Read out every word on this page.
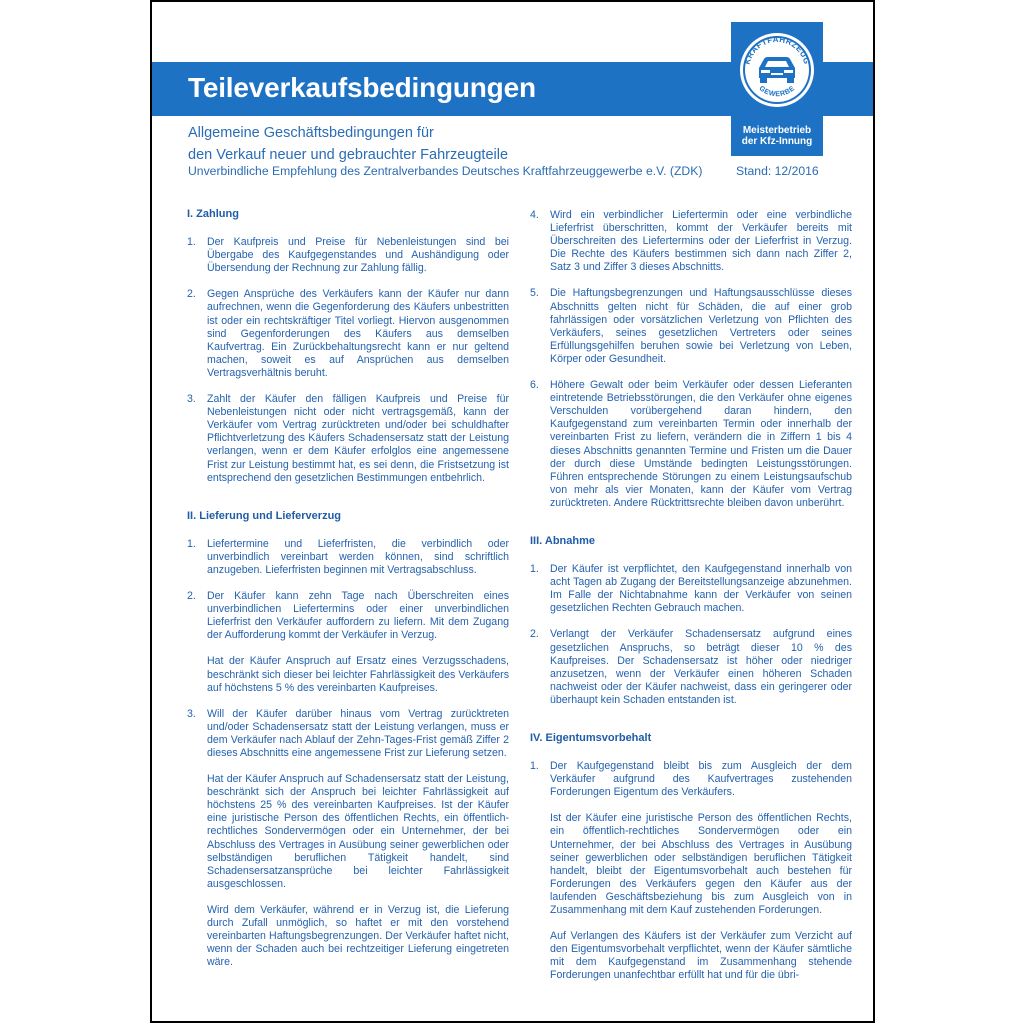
Teileverkaufsbedingungen
KRAFTFAHRZEUG
GEWERBE
Meisterbetrieb
der Kfz-Innung
Allgemeine Geschäftsbedingungen für
den Verkauf neuer und gebrauchter Fahrzeugteile
Unverbindliche Empfehlung des Zentralverbandes Deutsches Kraftfahrzeuggewerbe e.V. (ZDK)	Stand: 12/2016
I. Zahlung
1. Der Kaufpreis und Preise für Nebenleistungen sind bei Übergabe des Kaufgegenstandes und Aushändigung oder Übersendung der Rechnung zur Zahlung fällig.
2. Gegen Ansprüche des Verkäufers kann der Käufer nur dann aufrechnen, wenn die Gegenforderung des Käufers unbestritten ist oder ein rechtskräftiger Titel vorliegt. Hiervon ausgenommen sind Gegenforderungen des Käufers aus demselben Kaufvertrag. Ein Zurückbehaltungsrecht kann er nur geltend machen, soweit es auf Ansprüchen aus demselben Vertragsverhältnis beruht.
3. Zahlt der Käufer den fälligen Kaufpreis und Preise für Nebenleistungen nicht oder nicht vertragsgemäß, kann der Verkäufer vom Vertrag zurücktreten und/oder bei schuldhafter Pflichtverletzung des Käufers Schadensersatz statt der Leistung verlangen, wenn er dem Käufer erfolglos eine angemessene Frist zur Leistung bestimmt hat, es sei denn, die Fristsetzung ist entsprechend den gesetzlichen Bestimmungen entbehrlich.
II. Lieferung und Lieferverzug
1. Liefertermine und Lieferfristen, die verbindlich oder unverbindlich vereinbart werden können, sind schriftlich anzugeben. Lieferfristen beginnen mit Vertragsabschluss.
2. Der Käufer kann zehn Tage nach Überschreiten eines unverbindlichen Liefertermins oder einer unverbindlichen Lieferfrist den Verkäufer auffordern zu liefern. Mit dem Zugang der Aufforderung kommt der Verkäufer in Verzug.
Hat der Käufer Anspruch auf Ersatz eines Verzugsschadens, beschränkt sich dieser bei leichter Fahrlässigkeit des Verkäufers auf höchstens 5 % des vereinbarten Kaufpreises.
3. Will der Käufer darüber hinaus vom Vertrag zurücktreten und/oder Schadensersatz statt der Leistung verlangen, muss er dem Verkäufer nach Ablauf der Zehn-Tages-Frist gemäß Ziffer 2 dieses Abschnitts eine angemessene Frist zur Lieferung setzen.
Hat der Käufer Anspruch auf Schadensersatz statt der Leistung, beschränkt sich der Anspruch bei leichter Fahrlässigkeit auf höchstens 25 % des vereinbarten Kaufpreises. Ist der Käufer eine juristische Person des öffentlichen Rechts, ein öffentlich-rechtliches Sondervermögen oder ein Unternehmer, der bei Abschluss des Vertrages in Ausübung seiner gewerblichen oder selbständigen beruflichen Tätigkeit handelt, sind Schadensersatzansprüche bei leichter Fahrlässigkeit ausgeschlossen.
Wird dem Verkäufer, während er in Verzug ist, die Lieferung durch Zufall unmöglich, so haftet er mit den vorstehend vereinbarten Haftungsbegrenzungen. Der Verkäufer haftet nicht, wenn der Schaden auch bei rechtzeitiger Lieferung eingetreten wäre.
4. Wird ein verbindlicher Liefertermin oder eine verbindliche Lieferfrist überschritten, kommt der Verkäufer bereits mit Überschreiten des Liefertermins oder der Lieferfrist in Verzug. Die Rechte des Käufers bestimmen sich dann nach Ziffer 2, Satz 3 und Ziffer 3 dieses Abschnitts.
5. Die Haftungsbegrenzungen und Haftungsausschlüsse dieses Abschnitts gelten nicht für Schäden, die auf einer grob fahrlässigen oder vorsätzlichen Verletzung von Pflichten des Verkäufers, seines gesetzlichen Vertreters oder seines Erfüllungsgehilfen beruhen sowie bei Verletzung von Leben, Körper oder Gesundheit.
6. Höhere Gewalt oder beim Verkäufer oder dessen Lieferanten eintretende Betriebsstörungen, die den Verkäufer ohne eigenes Verschulden vorübergehend daran hindern, den Kaufgegenstand zum vereinbarten Termin oder innerhalb der vereinbarten Frist zu liefern, verändern die in Ziffern 1 bis 4 dieses Abschnitts genannten Termine und Fristen um die Dauer der durch diese Umstände bedingten Leistungsstörungen. Führen entsprechende Störungen zu einem Leistungsaufschub von mehr als vier Monaten, kann der Käufer vom Vertrag zurücktreten. Andere Rücktrittsrechte bleiben davon unberührt.
III. Abnahme
1. Der Käufer ist verpflichtet, den Kaufgegenstand innerhalb von acht Tagen ab Zugang der Bereitstellungsanzeige abzunehmen. Im Falle der Nichtabnahme kann der Verkäufer von seinen gesetzlichen Rechten Gebrauch machen.
2. Verlangt der Verkäufer Schadensersatz aufgrund eines gesetzlichen Anspruchs, so beträgt dieser 10 % des Kaufpreises. Der Schadensersatz ist höher oder niedriger anzusetzen, wenn der Verkäufer einen höheren Schaden nachweist oder der Käufer nachweist, dass ein geringerer oder überhaupt kein Schaden entstanden ist.
IV. Eigentumsvorbehalt
1. Der Kaufgegenstand bleibt bis zum Ausgleich der dem Verkäufer aufgrund des Kaufvertrages zustehenden Forderungen Eigentum des Verkäufers.
Ist der Käufer eine juristische Person des öffentlichen Rechts, ein öffentlich-rechtliches Sondervermögen oder ein Unternehmer, der bei Abschluss des Vertrages in Ausübung seiner gewerblichen oder selbständigen beruflichen Tätigkeit handelt, bleibt der Eigentumsvorbehalt auch bestehen für Forderungen des Verkäufers gegen den Käufer aus der laufenden Geschäftsbeziehung bis zum Ausgleich von in Zusammenhang mit dem Kauf zustehenden Forderungen.
Auf Verlangen des Käufers ist der Verkäufer zum Verzicht auf den Eigentumsvorbehalt verpflichtet, wenn der Käufer sämtliche mit dem Kaufgegenstand im Zusammenhang stehende Forderungen unanfechtbar erfüllt hat und für die übri-
